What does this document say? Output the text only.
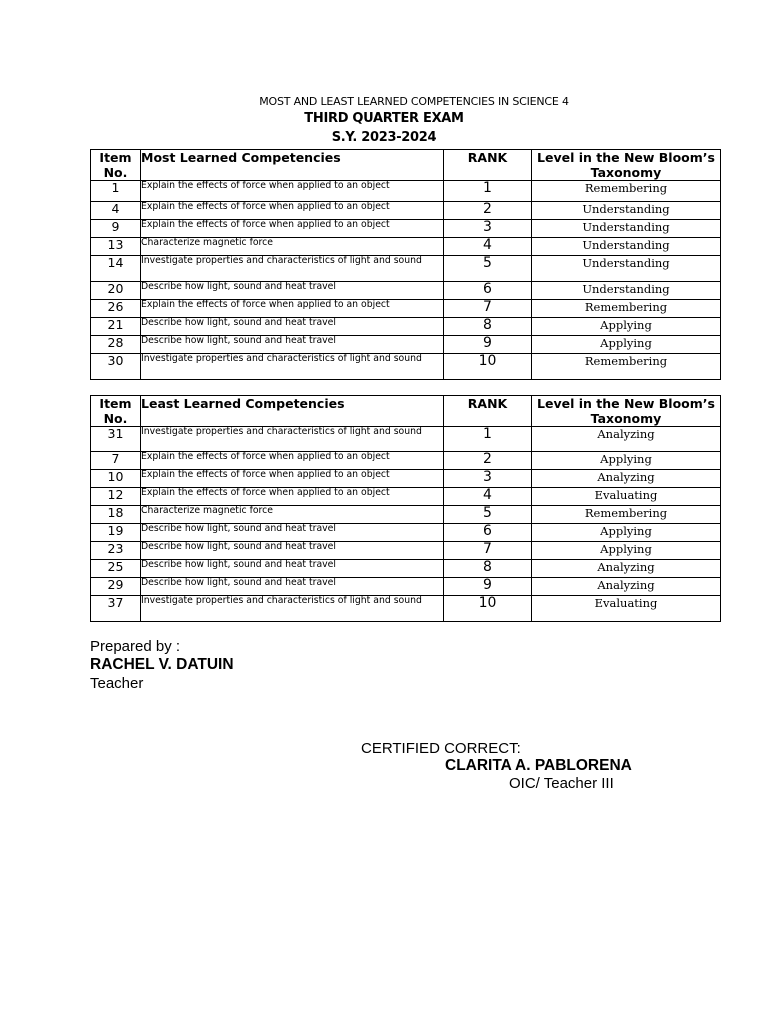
MOST AND LEAST LEARNED COMPETENCIES IN SCIENCE 4
THIRD QUARTER EXAM
S.Y. 2023-2024
Item No.	Most Learned Competencies	RANK	Level in the New Bloom’s Taxonomy
1	Explain the effects of force when applied to an object	1	Remembering
4	Explain the effects of force when applied to an object	2	Understanding
9	Explain the effects of force when applied to an object	3	Understanding
13	Characterize magnetic force	4	Understanding
14	Investigate properties and characteristics of light and sound	5	Understanding
20	Describe how light, sound and heat travel	6	Understanding
26	Explain the effects of force when applied to an object	7	Remembering
21	Describe how light, sound and heat travel	8	Applying
28	Describe how light, sound and heat travel	9	Applying
30	Investigate properties and characteristics of light and sound	10	Remembering
Item No.	Least Learned Competencies	RANK	Level in the New Bloom’s Taxonomy
31	Investigate properties and characteristics of light and sound	1	Analyzing
7	Explain the effects of force when applied to an object	2	Applying
10	Explain the effects of force when applied to an object	3	Analyzing
12	Explain the effects of force when applied to an object	4	Evaluating
18	Characterize magnetic force	5	Remembering
19	Describe how light, sound and heat travel	6	Applying
23	Describe how light, sound and heat travel	7	Applying
25	Describe how light, sound and heat travel	8	Analyzing
29	Describe how light, sound and heat travel	9	Analyzing
37	Investigate properties and characteristics of light and sound	10	Evaluating
Prepared by :
RACHEL V. DATUIN
Teacher
CERTIFIED CORRECT:
CLARITA A. PABLORENA
OIC/ Teacher III
